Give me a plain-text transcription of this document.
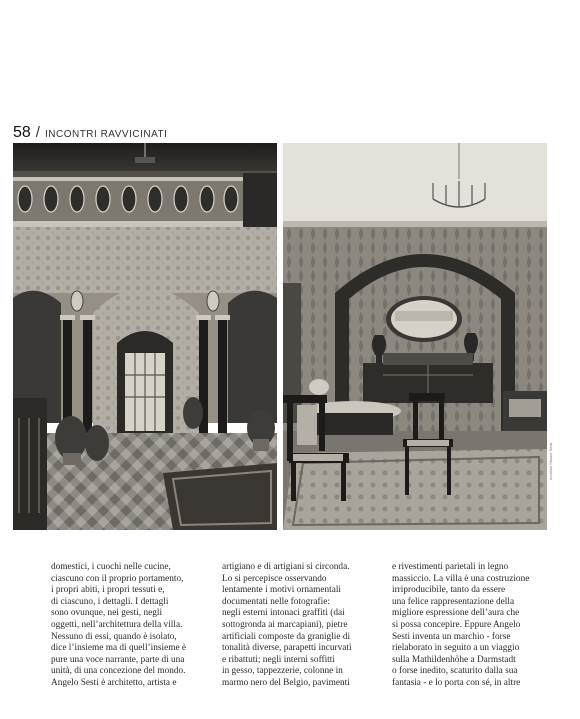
58 / INCONTRI RAVVICINATI
Archivio Museo Sesti

domestici, i cuochi nelle cucine,
ciascuno con il proprio portamento,
i propri abiti, i propri tessuti e,
di ciascuno, i dettagli. I dettagli
sono ovunque, nei gesti, negli
oggetti, nell’architettura della villa.
Nessuno di essi, quando è isolato,
dice l’insieme ma di quell’insieme è
pure una voce narrante, parte di una
unità, di una concezione del mondo.
Angelo Sesti è architetto, artista e

artigiano e di artigiani si circonda.
Lo si percepisce osservando
lentamente i motivi ornamentali
documentati nelle fotografie:
negli esterni intonaci graffiti (dai
sottogronda ai marcapiani), pietre
artificiali composte da graniglie di
tonalità diverse, parapetti incurvati
e ribattuti; negli interni soffitti
in gesso, tappezzerie, colonne in
marmo nero del Belgio, pavimenti

e rivestimenti parietali in legno
massiccio. La villa è una costruzione
irriproducibile, tanto da essere
una felice rappresentazione della
migliore espressione dell’aura che
si possa concepire. Eppure Angelo
Sesti inventa un marchio - forse
rielaborato in seguito a un viaggio
sulla Mathildenhöhe a Darmstadt
o forse inedito, scaturito dalla sua
fantasia - e lo porta con sé, in altre
